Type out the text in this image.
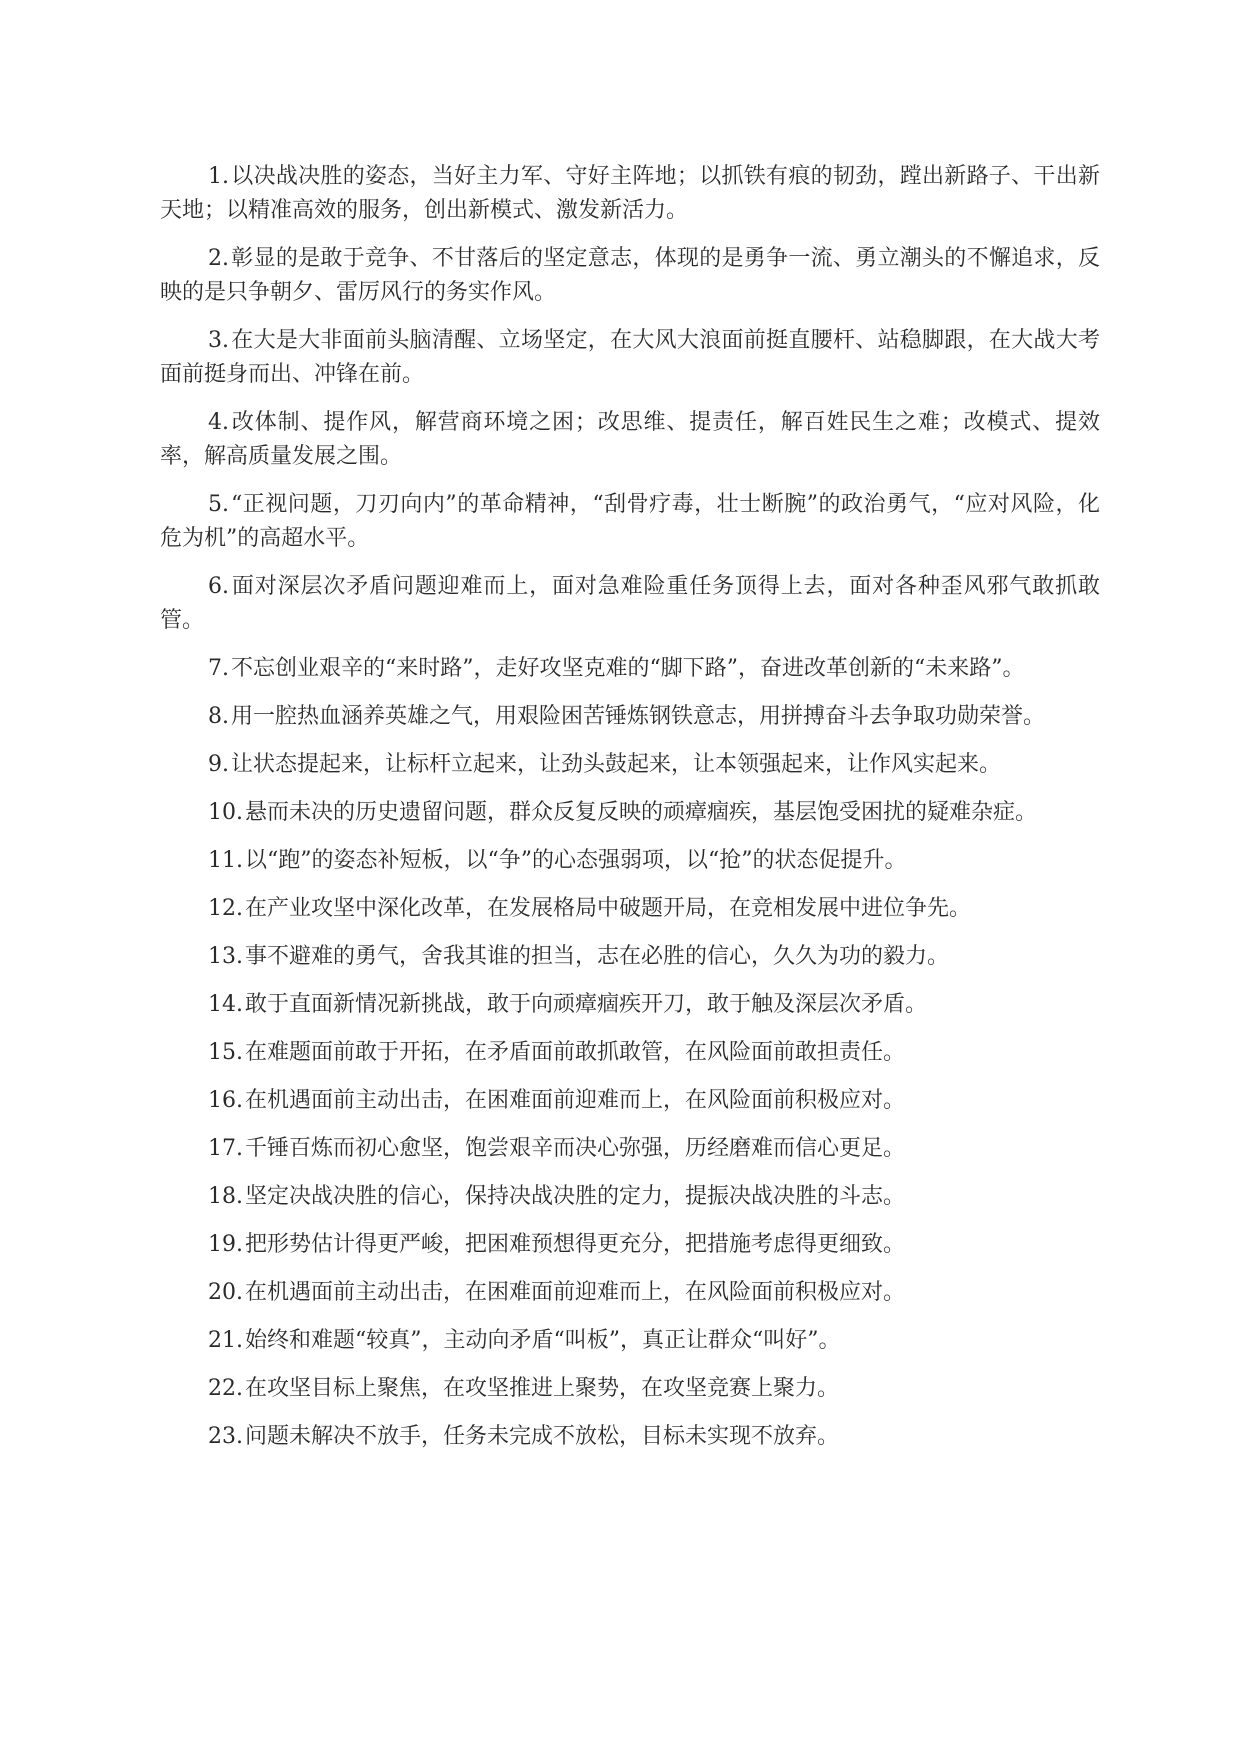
1.以决战决胜的姿态，当好主力军、守好主阵地；以抓铁有痕的韧劲，蹚出新路子、干出新天地；以精准高效的服务，创出新模式、激发新活力。

2.彰显的是敢于竞争、不甘落后的坚定意志，体现的是勇争一流、勇立潮头的不懈追求，反映的是只争朝夕、雷厉风行的务实作风。

3.在大是大非面前头脑清醒、立场坚定，在大风大浪面前挺直腰杆、站稳脚跟，在大战大考面前挺身而出、冲锋在前。

4.改体制、提作风，解营商环境之困；改思维、提责任，解百姓民生之难；改模式、提效率，解高质量发展之围。

5.“正视问题，刀刃向内”的革命精神，“刮骨疗毒，壮士断腕”的政治勇气，“应对风险，化危为机”的高超水平。

6.面对深层次矛盾问题迎难而上，面对急难险重任务顶得上去，面对各种歪风邪气敢抓敢管。

7.不忘创业艰辛的“来时路”，走好攻坚克难的“脚下路”，奋进改革创新的“未来路”。

8.用一腔热血涵养英雄之气，用艰险困苦锤炼钢铁意志，用拼搏奋斗去争取功勋荣誉。

9.让状态提起来，让标杆立起来，让劲头鼓起来，让本领强起来，让作风实起来。

10.悬而未决的历史遗留问题，群众反复反映的顽瘴痼疾，基层饱受困扰的疑难杂症。

11.以“跑”的姿态补短板，以“争”的心态强弱项，以“抢”的状态促提升。

12.在产业攻坚中深化改革，在发展格局中破题开局，在竞相发展中进位争先。

13.事不避难的勇气，舍我其谁的担当，志在必胜的信心，久久为功的毅力。

14.敢于直面新情况新挑战，敢于向顽瘴痼疾开刀，敢于触及深层次矛盾。

15.在难题面前敢于开拓，在矛盾面前敢抓敢管，在风险面前敢担责任。

16.在机遇面前主动出击，在困难面前迎难而上，在风险面前积极应对。

17.千锤百炼而初心愈坚，饱尝艰辛而决心弥强，历经磨难而信心更足。

18.坚定决战决胜的信心，保持决战决胜的定力，提振决战决胜的斗志。

19.把形势估计得更严峻，把困难预想得更充分，把措施考虑得更细致。

20.在机遇面前主动出击，在困难面前迎难而上，在风险面前积极应对。

21.始终和难题“较真”，主动向矛盾“叫板”，真正让群众“叫好”。

22.在攻坚目标上聚焦，在攻坚推进上聚势，在攻坚竞赛上聚力。

23.问题未解决不放手，任务未完成不放松，目标未实现不放弃。
